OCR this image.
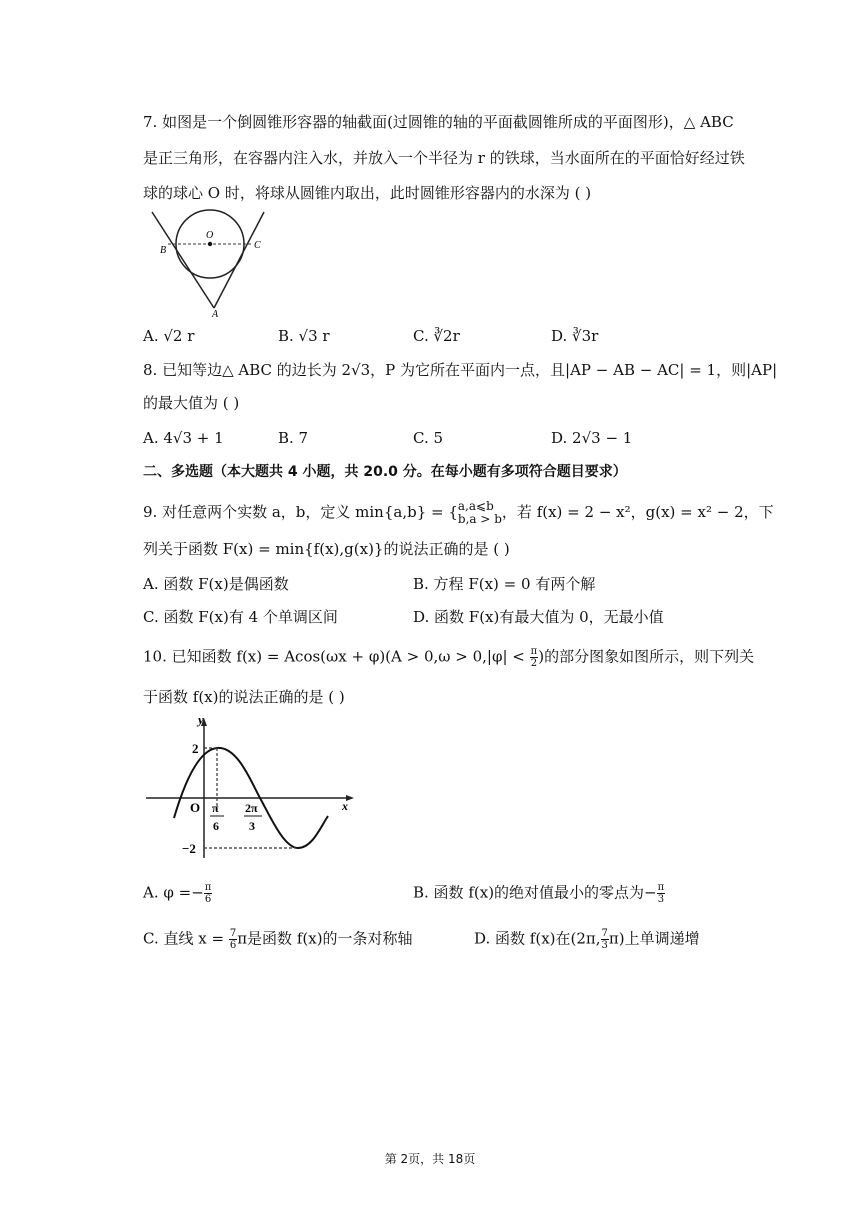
7. 如图是一个倒圆锥形容器的轴截面(过圆锥的轴的平面截圆锥所成的平面图形)，△ ABC
是正三角形，在容器内注入水，并放入一个半径为 r 的铁球，当水面所在的平面恰好经过铁
球的球心 O 时，将球从圆锥内取出，此时圆锥形容器内的水深为 ( )
O
B	C
A
A. √2 r	B. √3 r	C. ∛2r	D. ∛3r
8. 已知等边△ ABC 的边长为 2√3，P 为它所在平面内一点，且|AP − AB − AC| = 1，则|AP|
的最大值为 ( )
A. 4√3 + 1	B. 7	C. 5	D. 2√3 − 1
二、多选题（本大题共 4 小题，共 20.0 分。在每小题有多项符合题目要求）
9. 对任意两个实数 a，b，定义 min{a,b} = { a,a⩽b
b,a > b ，若 f(x) = 2 − x²，g(x) = x² − 2，下
列关于函数 F(x) = min{f(x),g(x)}的说法正确的是 ( )
A. 函数 F(x)是偶函数	B. 方程 F(x) = 0 有两个解
C. 函数 F(x)有 4 个单调区间	D. 函数 F(x)有最大值为 0，无最小值
10. 已知函数 $f(x) = Acos(\omega x + \varphi)(A > 0,\omega > 0,|\varphi| < \frac{\pi}{2}$ )的部分图象如图所示，则下列关
于函数 f(x)的说法正确的是 ( )
y
x
O
2
−2
π
6
2π
3
A. $\varphi =- \frac{\pi}{6}$	B. 函数 f(x)的绝对值最小的零点为− $\frac{\pi}{3}$
C. 直线 $x = \frac{7}{6}$ π是函数 f(x)的一条对称轴	D. 函数 f(x)在(2π, $\frac{7}{3} \pi$)上单调递增
第 2页，共 18页
